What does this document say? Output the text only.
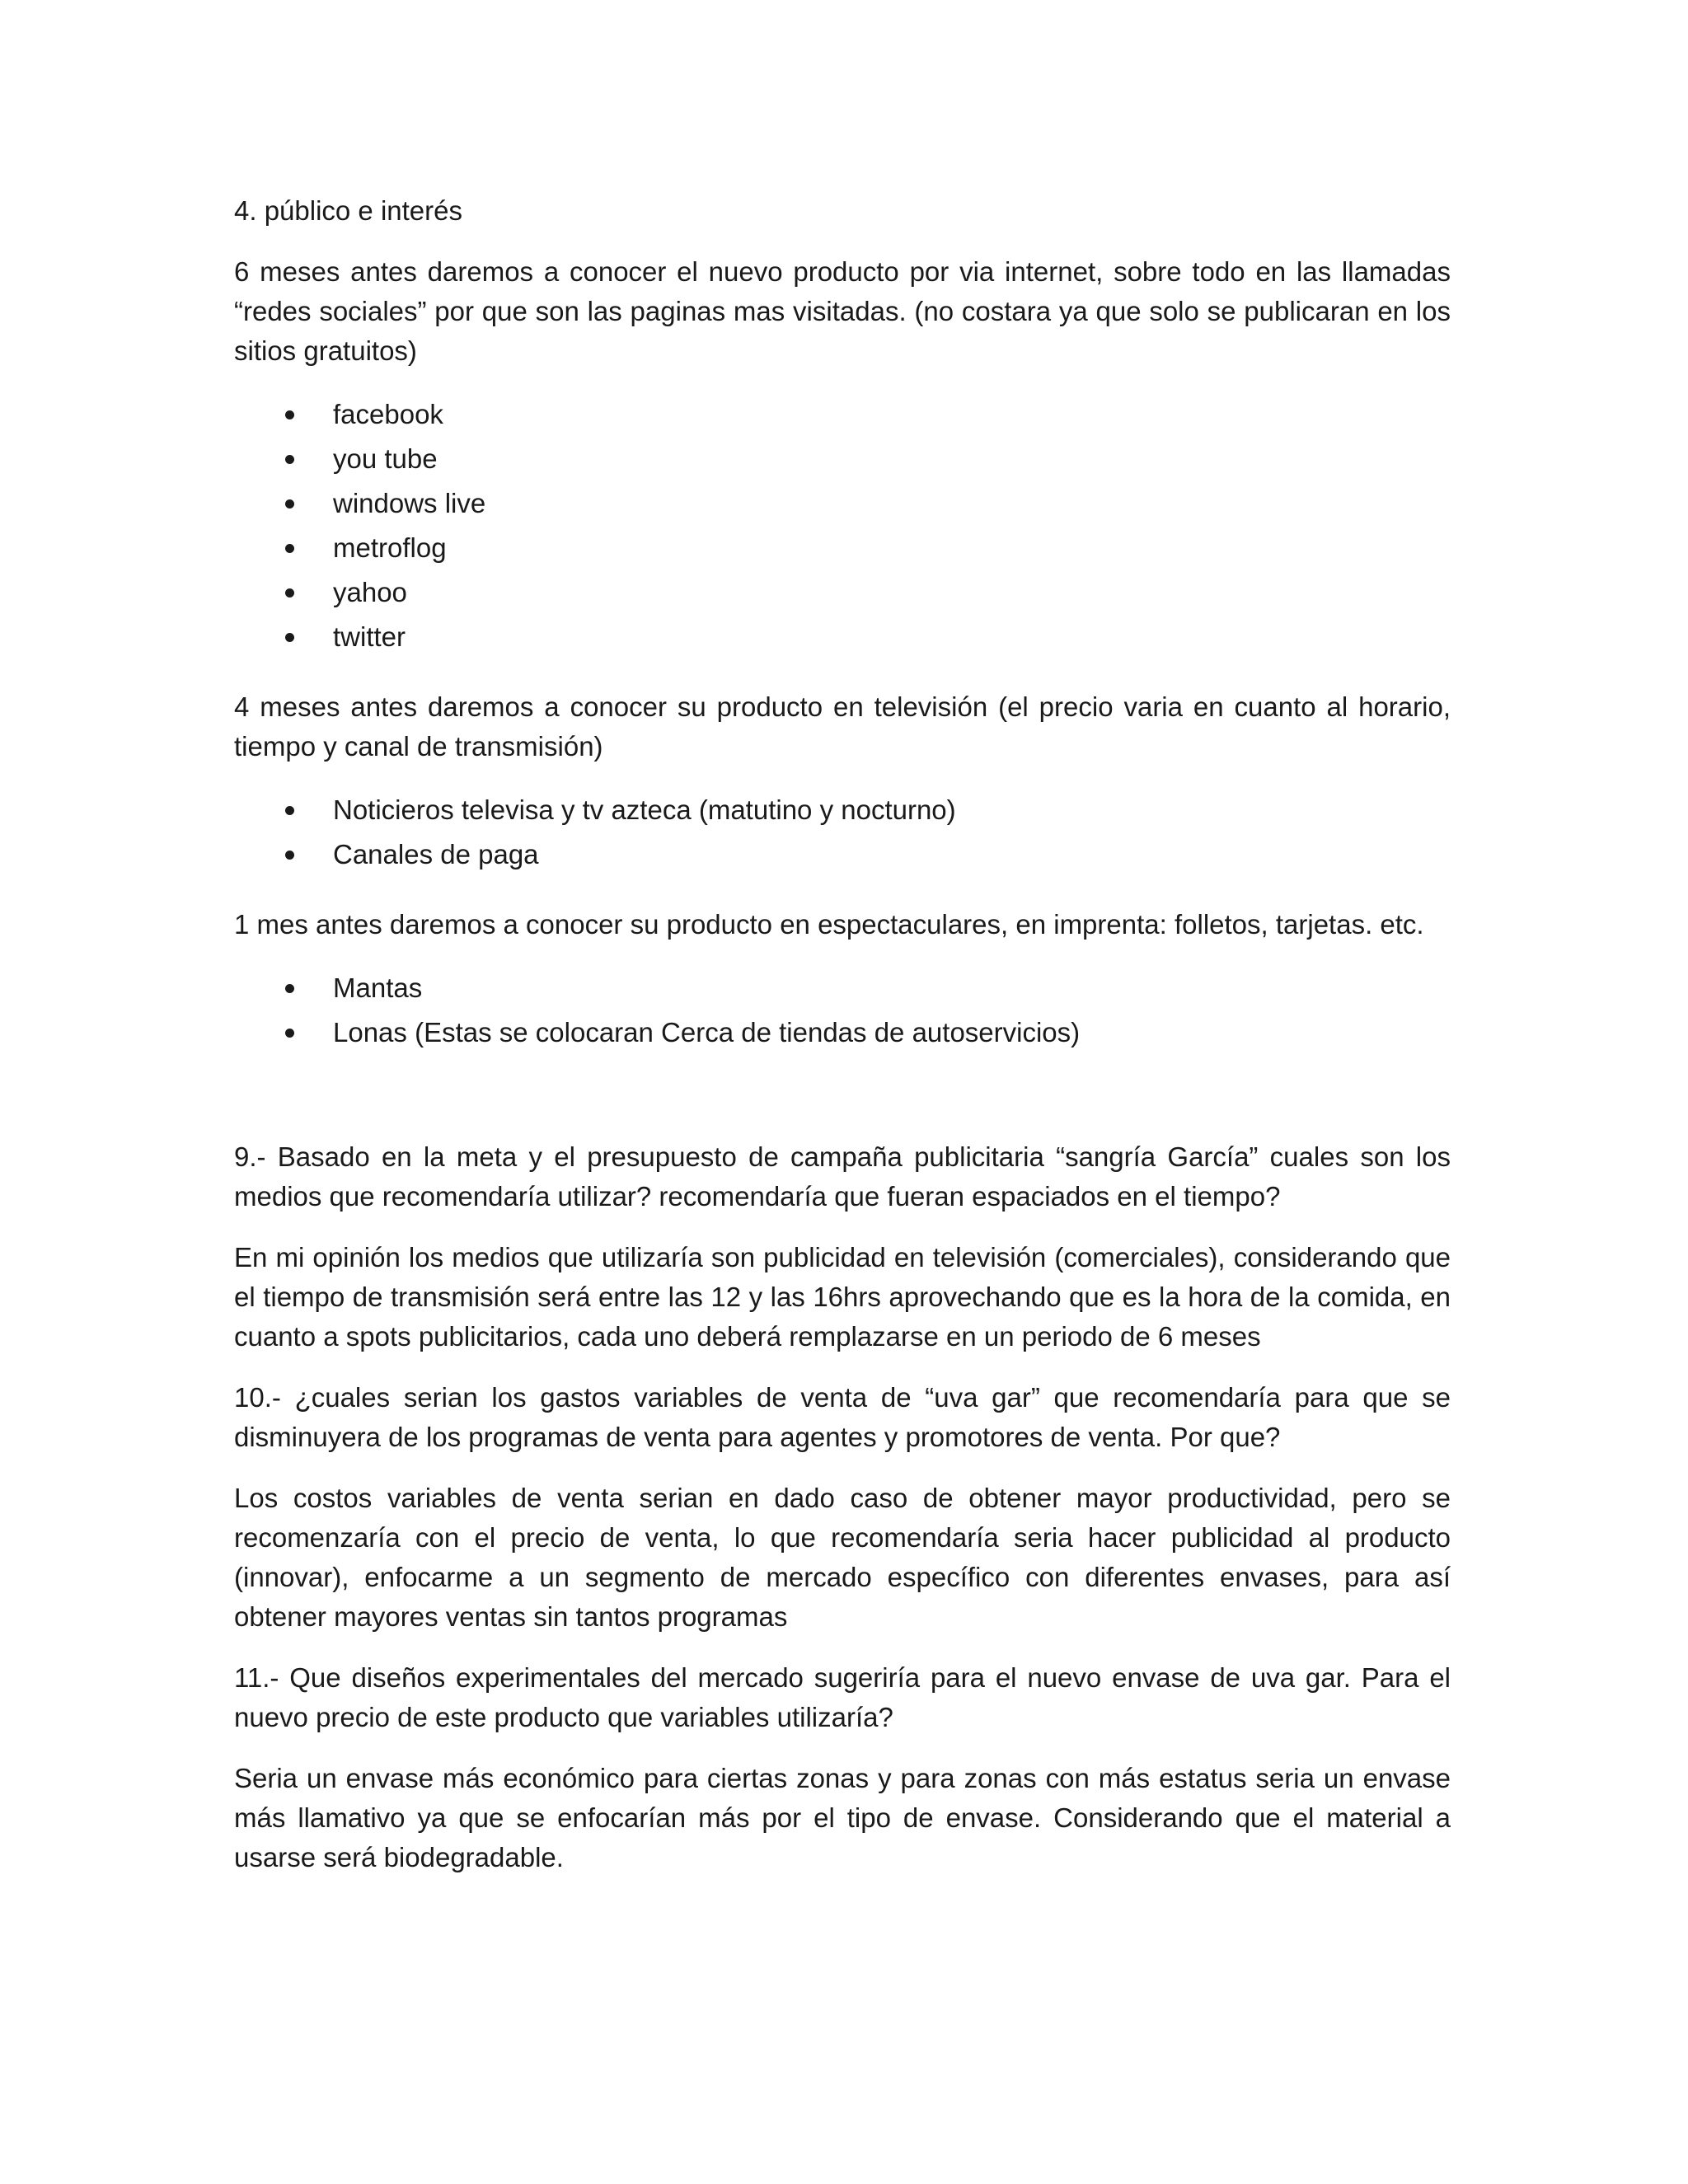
4. público e interés

6 meses antes daremos a conocer el nuevo producto por via internet, sobre todo en las llamadas “redes sociales” por que son las paginas mas visitadas. (no costara ya que solo se publicaran en los sitios gratuitos)

facebook
you tube
windows live
metroflog
yahoo
twitter

4 meses antes daremos a conocer su producto en televisión (el precio varia en cuanto al horario, tiempo y canal de transmisión)

Noticieros televisa y tv azteca (matutino y nocturno)
Canales de paga

1 mes antes daremos a conocer su producto en espectaculares, en imprenta: folletos, tarjetas. etc.

Mantas
Lonas (Estas se colocaran Cerca de tiendas de autoservicios)

9.- Basado en la meta y el presupuesto de campaña publicitaria “sangría García” cuales son los medios que recomendaría utilizar? recomendaría que fueran espaciados en el tiempo?

En mi opinión los medios que utilizaría son publicidad en televisión (comerciales), considerando que el tiempo de transmisión será entre las 12 y las 16hrs aprovechando que es la hora de la comida, en cuanto a spots publicitarios, cada uno deberá remplazarse en un periodo de 6 meses

10.- ¿cuales serian los gastos variables de venta de “uva gar” que recomendaría para que se disminuyera de los programas de venta para agentes y promotores de venta. Por que?

Los costos variables de venta serian en dado caso de obtener mayor productividad, pero se recomenzaría con el precio de venta, lo que recomendaría seria hacer publicidad al producto (innovar), enfocarme a un segmento de mercado específico con diferentes envases, para así obtener mayores ventas sin tantos programas

11.- Que diseños experimentales del mercado sugeriría para el nuevo envase de uva gar. Para el nuevo precio de este producto que variables utilizaría?

Seria un envase más económico para ciertas zonas y para zonas con más estatus seria un envase más llamativo ya que se enfocarían más por el tipo de envase. Considerando que el material a usarse será biodegradable.
